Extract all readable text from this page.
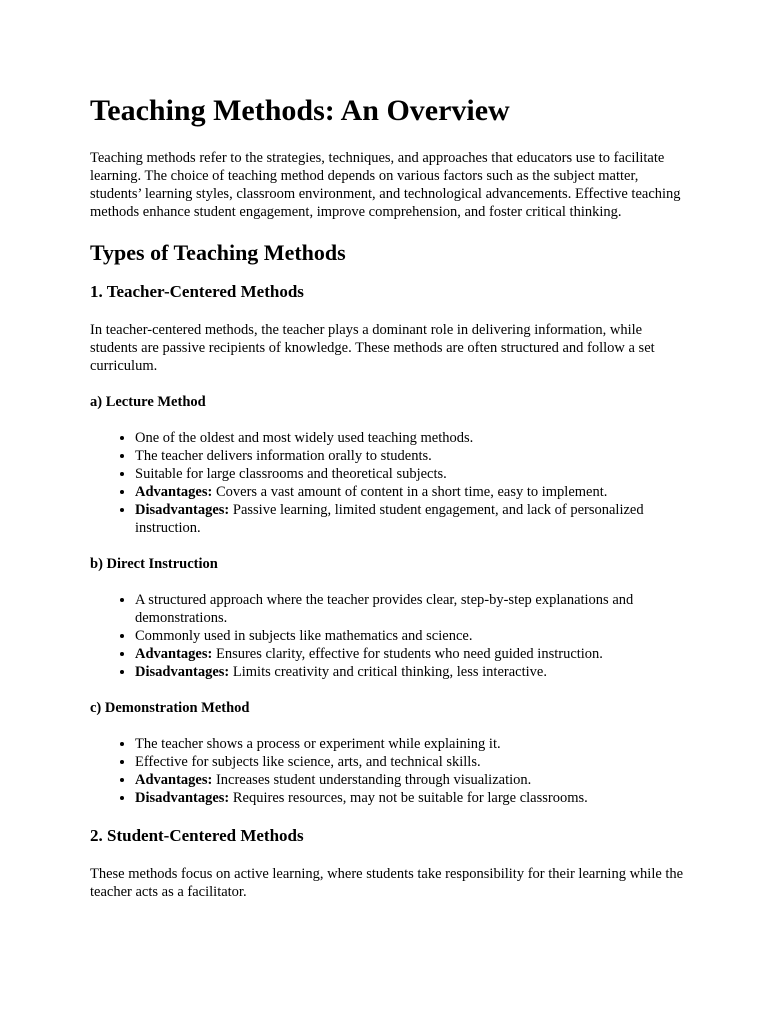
Teaching Methods: An Overview

Teaching methods refer to the strategies, techniques, and approaches that educators use to facilitate learning. The choice of teaching method depends on various factors such as the subject matter, students’ learning styles, classroom environment, and technological advancements. Effective teaching methods enhance student engagement, improve comprehension, and foster critical thinking.

Types of Teaching Methods
1. Teacher-Centered Methods

In teacher-centered methods, the teacher plays a dominant role in delivering information, while students are passive recipients of knowledge. These methods are often structured and follow a set curriculum.

a) Lecture Method
• One of the oldest and most widely used teaching methods.
• The teacher delivers information orally to students.
• Suitable for large classrooms and theoretical subjects.
• Advantages: Covers a vast amount of content in a short time, easy to implement.
• Disadvantages: Passive learning, limited student engagement, and lack of personalized instruction.
b) Direct Instruction
• A structured approach where the teacher provides clear, step-by-step explanations and demonstrations.
• Commonly used in subjects like mathematics and science.
• Advantages: Ensures clarity, effective for students who need guided instruction.
• Disadvantages: Limits creativity and critical thinking, less interactive.
c) Demonstration Method
• The teacher shows a process or experiment while explaining it.
• Effective for subjects like science, arts, and technical skills.
• Advantages: Increases student understanding through visualization.
• Disadvantages: Requires resources, may not be suitable for large classrooms.
2. Student-Centered Methods

These methods focus on active learning, where students take responsibility for their learning while the teacher acts as a facilitator.
